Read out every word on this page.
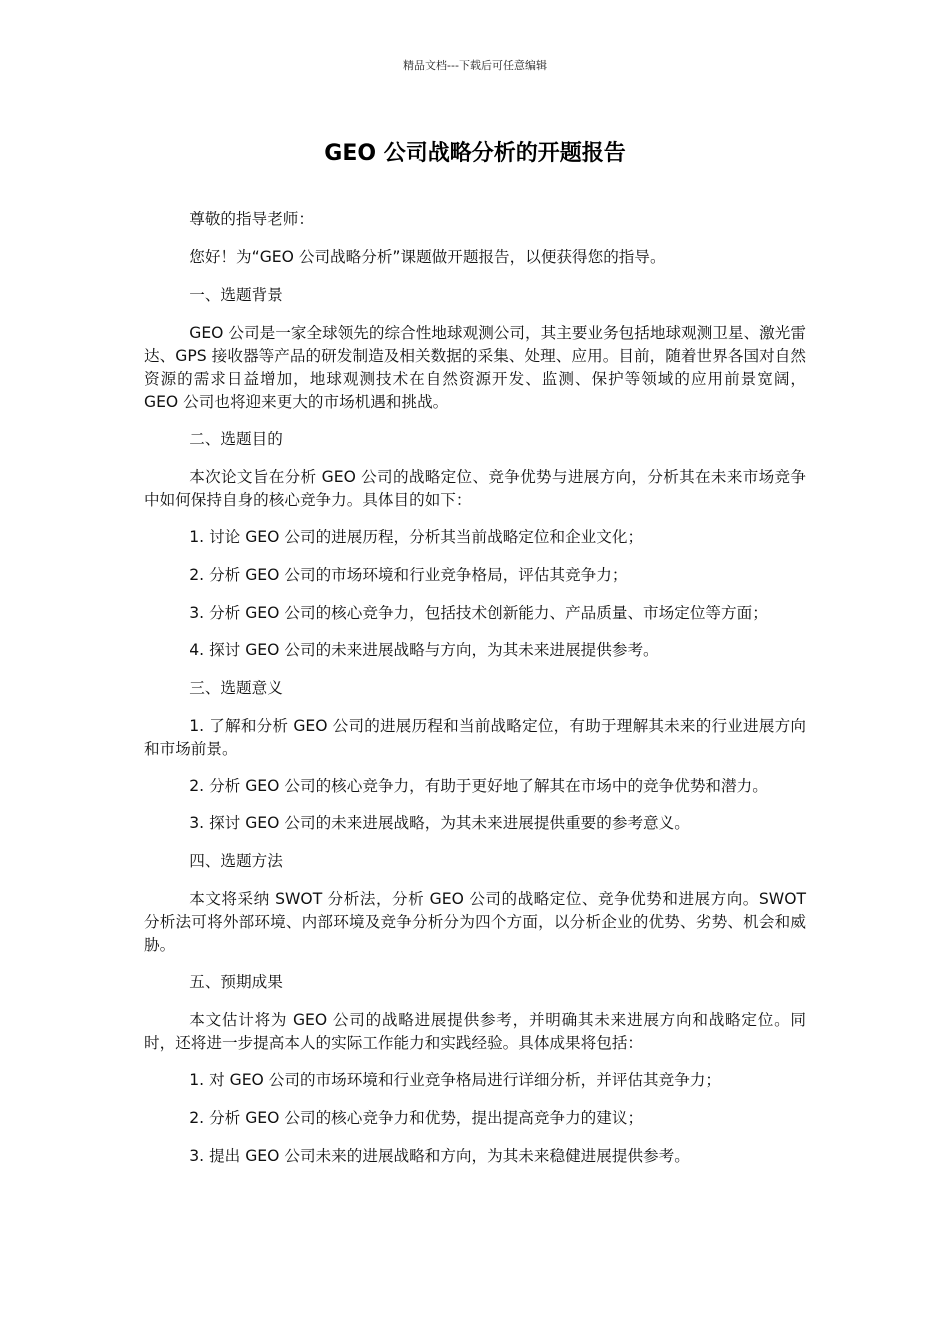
精品文档---下载后可任意编辑
GEO 公司战略分析的开题报告

尊敬的指导老师：

您好！为“GEO 公司战略分析”课题做开题报告，以便获得您的指导。

一、选题背景

GEO 公司是一家全球领先的综合性地球观测公司，其主要业务包括地球观测卫星、激光雷达、GPS 接收器等产品的研发制造及相关数据的采集、处理、应用。目前，随着世界各国对自然资源的需求日益增加，地球观测技术在自然资源开发、监测、保护等领域的应用前景宽阔， GEO 公司也将迎来更大的市场机遇和挑战。

二、选题目的

本次论文旨在分析 GEO 公司的战略定位、竞争优势与进展方向，分析其在未来市场竞争中如何保持自身的核心竞争力。具体目的如下：

1. 讨论 GEO 公司的进展历程，分析其当前战略定位和企业文化；

2. 分析 GEO 公司的市场环境和行业竞争格局，评估其竞争力；

3. 分析 GEO 公司的核心竞争力，包括技术创新能力、产品质量、市场定位等方面；

4. 探讨 GEO 公司的未来进展战略与方向，为其未来进展提供参考。

三、选题意义

1. 了解和分析 GEO 公司的进展历程和当前战略定位，有助于理解其未来的行业进展方向和市场前景。

2. 分析 GEO 公司的核心竞争力，有助于更好地了解其在市场中的竞争优势和潜力。

3. 探讨 GEO 公司的未来进展战略，为其未来进展提供重要的参考意义。

四、选题方法

本文将采纳 SWOT 分析法，分析 GEO 公司的战略定位、竞争优势和进展方向。SWOT 分析法可将外部环境、内部环境及竞争分析分为四个方面，以分析企业的优势、劣势、机会和威胁。

五、预期成果

本文估计将为 GEO 公司的战略进展提供参考，并明确其未来进展方向和战略定位。同时，还将进一步提高本人的实际工作能力和实践经验。具体成果将包括：

1. 对 GEO 公司的市场环境和行业竞争格局进行详细分析，并评估其竞争力；

2. 分析 GEO 公司的核心竞争力和优势，提出提高竞争力的建议；

3. 提出 GEO 公司未来的进展战略和方向，为其未来稳健进展提供参考。
